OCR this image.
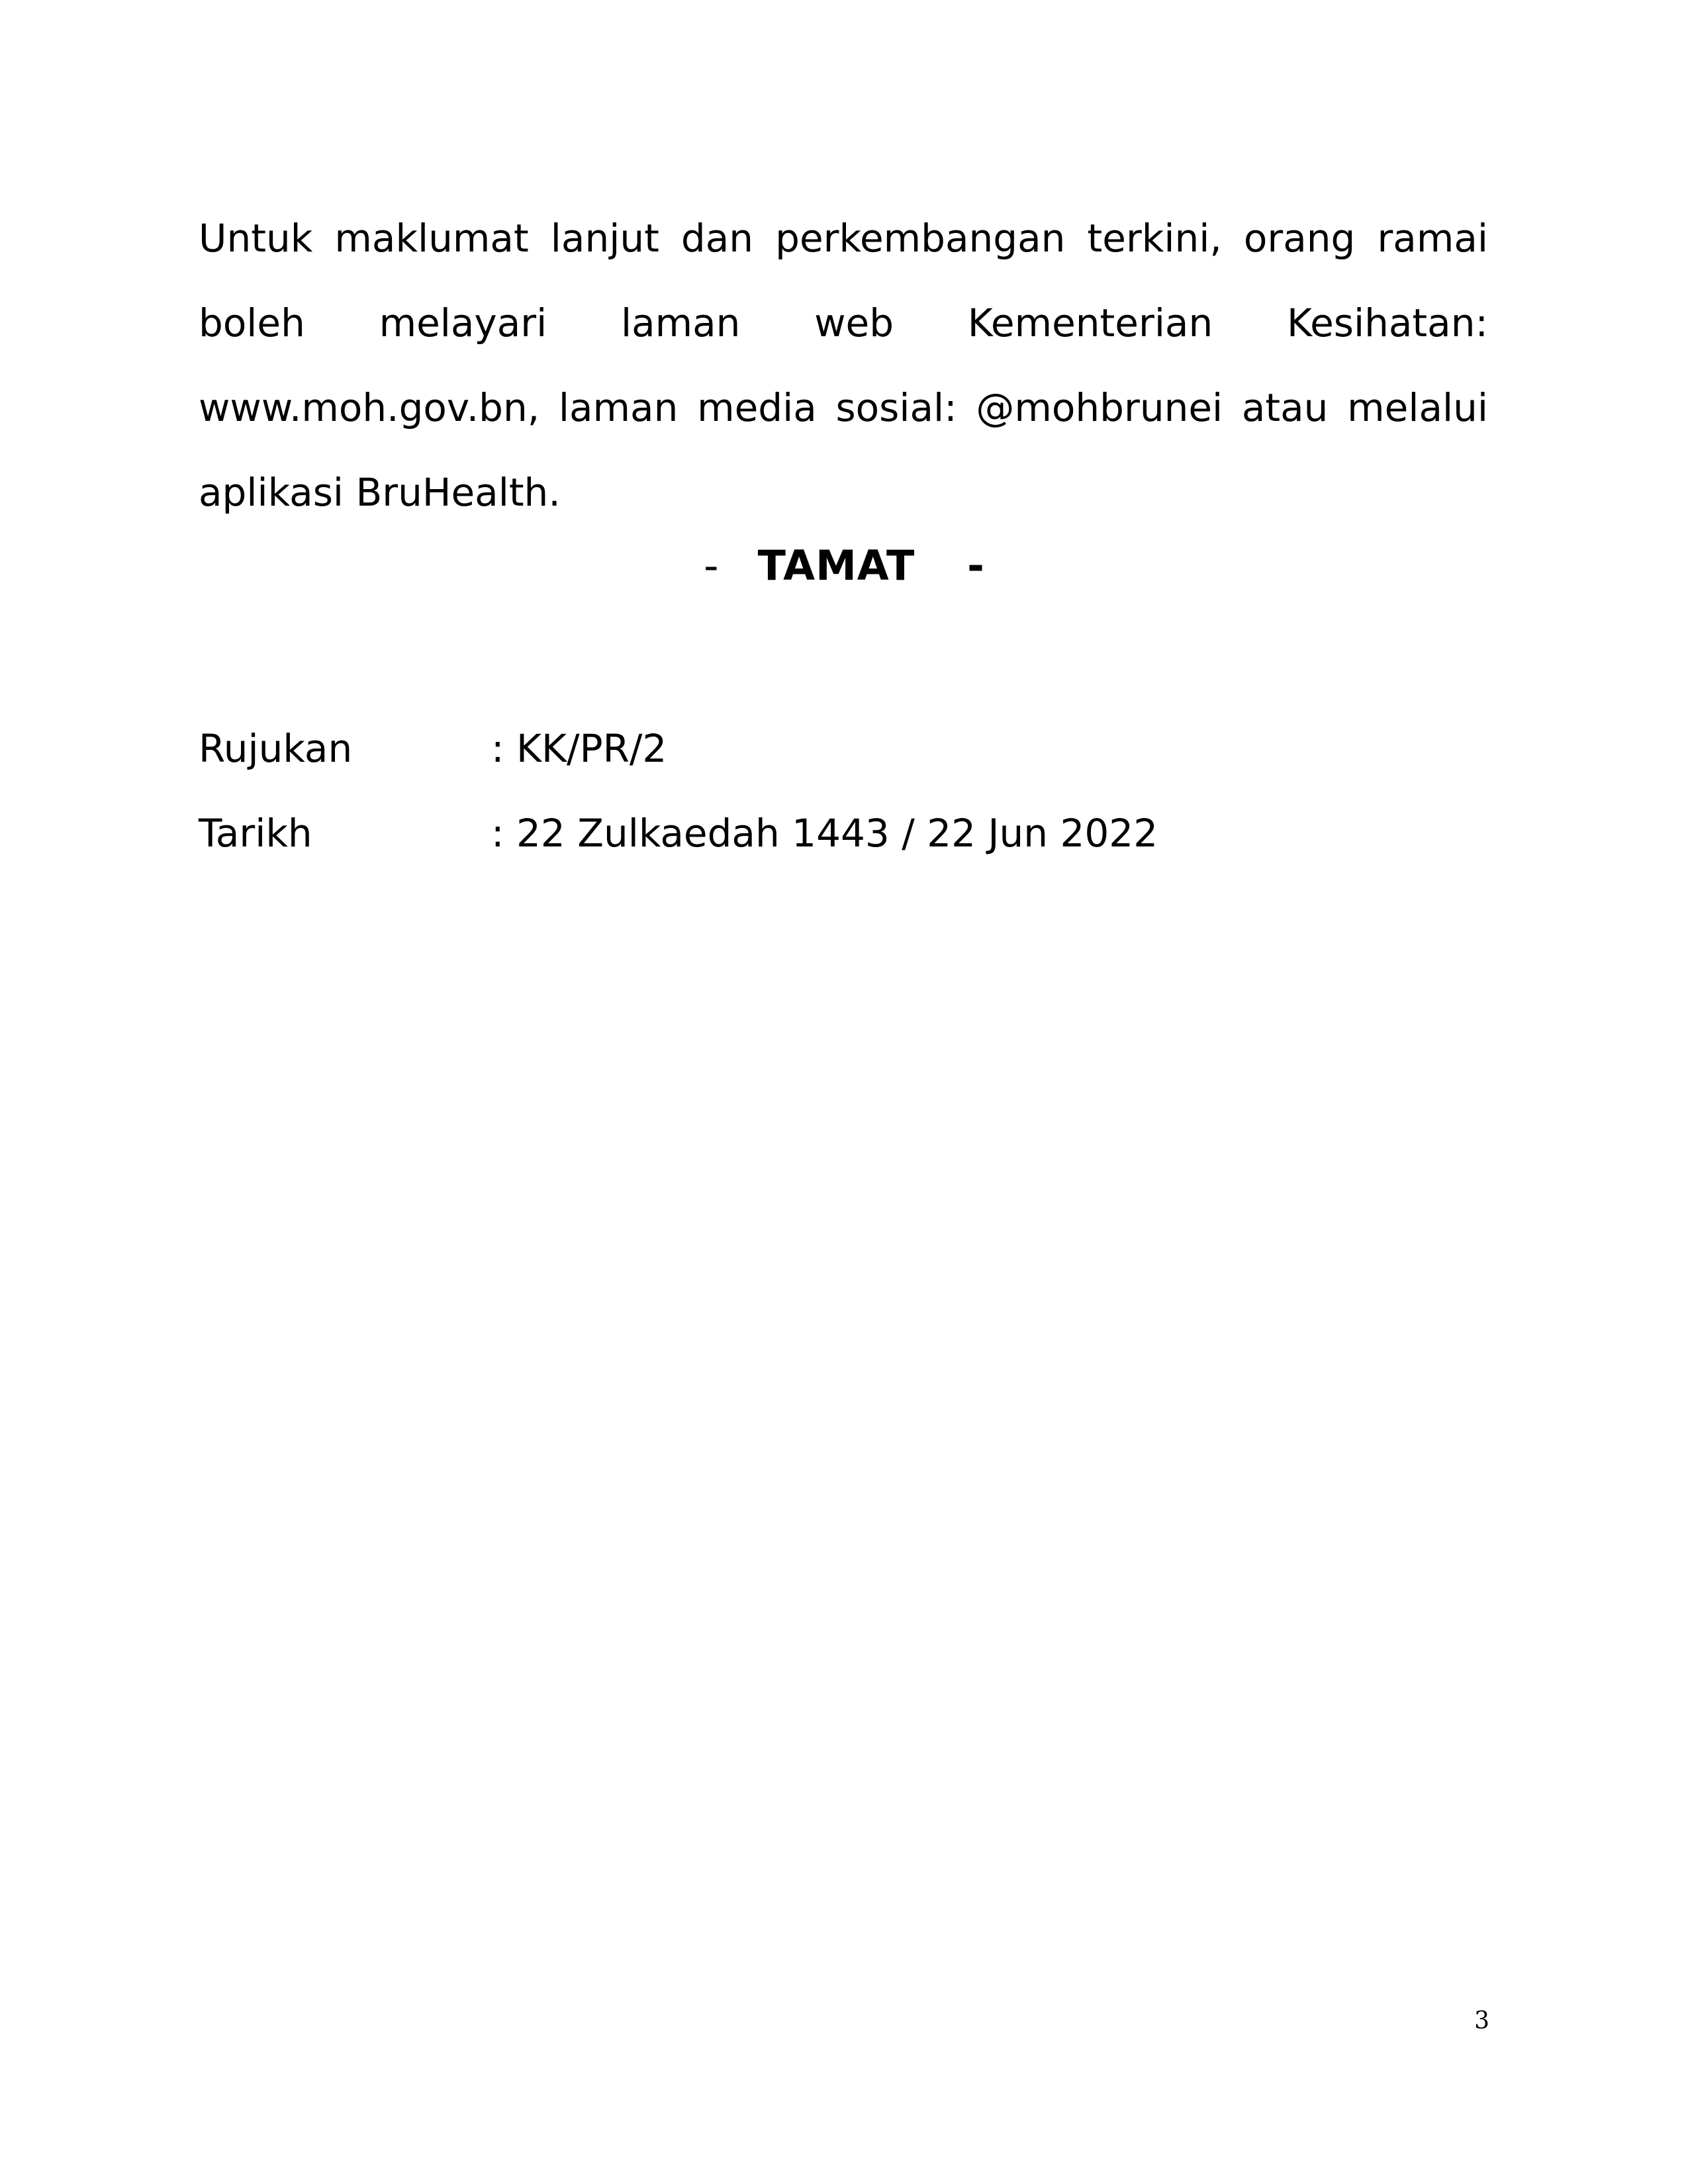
Untuk maklumat lanjut dan perkembangan terkini, orang ramai boleh melayari laman web Kementerian Kesihatan: www.moh.gov.bn, laman media sosial: @mohbrunei atau melalui aplikasi BruHealth.

- TAMAT -
Rujukan	: KK/PR/2
Tarikh	: 22 Zulkaedah 1443 / 22 Jun 2022
3
